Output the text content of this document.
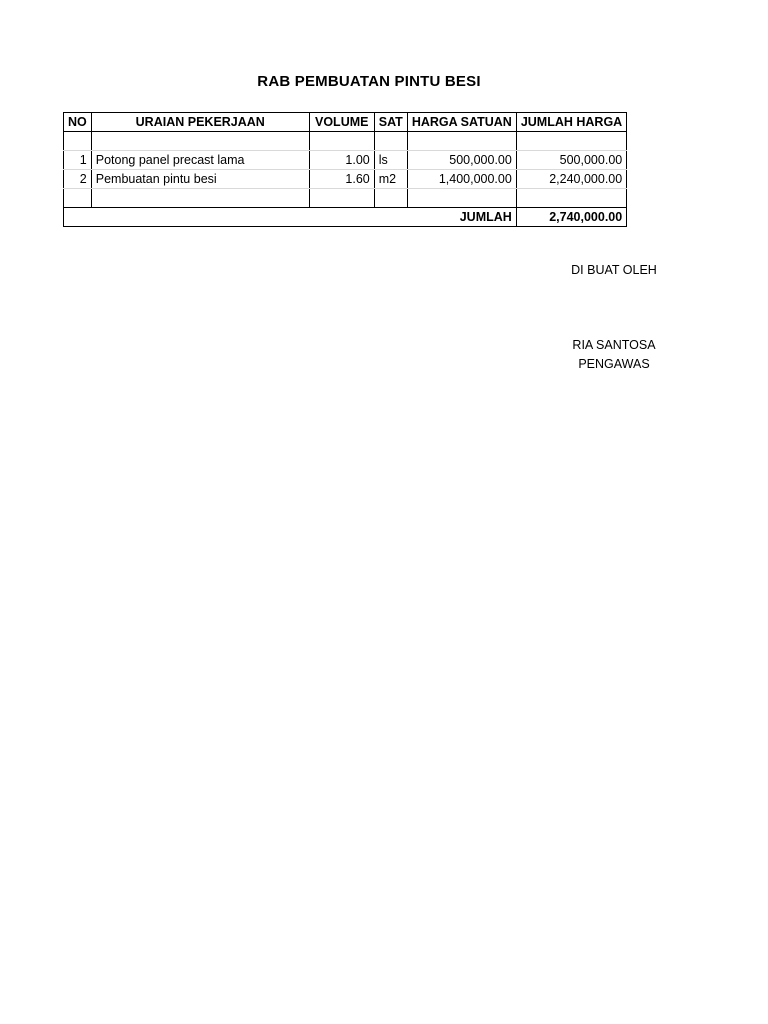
RAB PEMBUATAN PINTU BESI
NO	URAIAN PEKERJAAN	VOLUME	SAT	HARGA SATUAN	JUMLAH HARGA

1	Potong panel precast lama	1.00	ls	500,000.00	500,000.00
2	Pembuatan pintu besi	1.60	m2	1,400,000.00	2,240,000.00

JUMLAH					2,740,000.00
DI BUAT OLEH
RIA SANTOSA
PENGAWAS
